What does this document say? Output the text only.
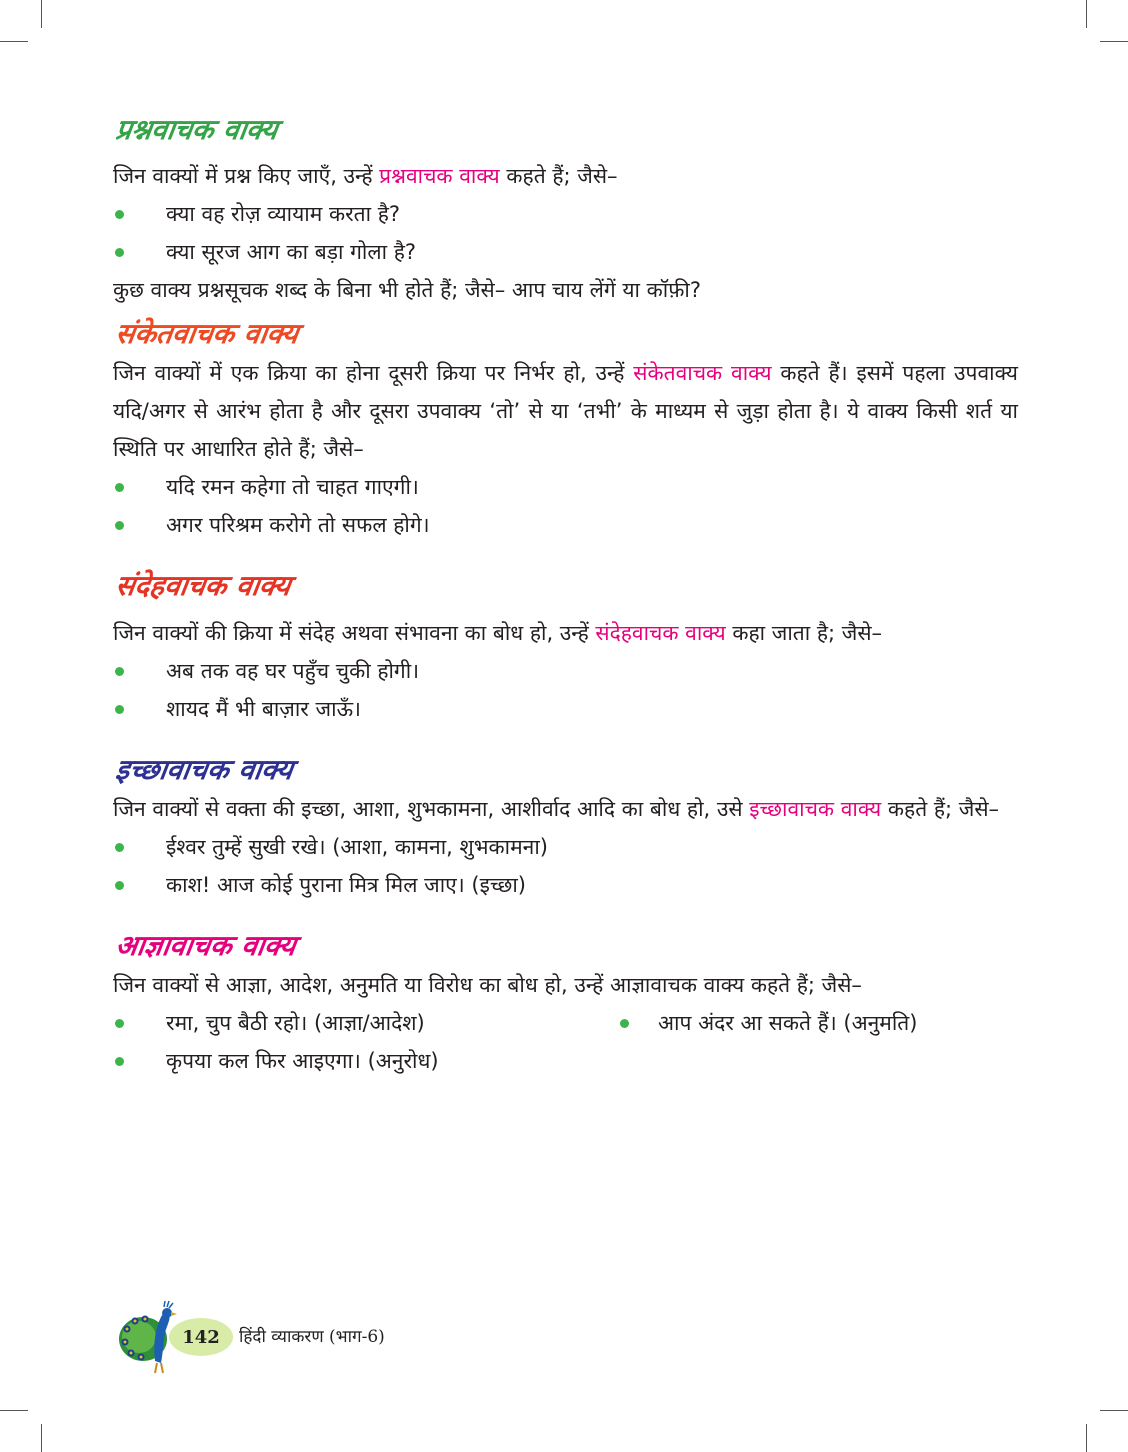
प्रश्नवाचक वाक्य

जिन वाक्यों में प्रश्न किए जाएँ, उन्हें प्रश्नवाचक वाक्य कहते हैं; जैसे–

क्या वह रोज़ व्यायाम करता है?
क्या सूरज आग का बड़ा गोला है?

कुछ वाक्य प्रश्नसूचक शब्द के बिना भी होते हैं; जैसे– आप चाय लेंगें या कॉफ़ी?

संकेतवाचक वाक्य

जिन वाक्यों में एक क्रिया का होना दूसरी क्रिया पर निर्भर हो, उन्हें संकेतवाचक वाक्य कहते हैं। इसमें पहला उपवाक्य यदि/अगर से आरंभ होता है और दूसरा उपवाक्य ‘तो’ से या ‘तभी’ के माध्यम से जुड़ा होता है। ये वाक्य किसी शर्त या स्थिति पर आधारित होते हैं; जैसे–

यदि रमन कहेगा तो चाहत गाएगी।
अगर परिश्रम करोगे तो सफल होगे।
संदेहवाचक वाक्य

जिन वाक्यों की क्रिया में संदेह अथवा संभावना का बोध हो, उन्हें संदेहवाचक वाक्य कहा जाता है; जैसे–

अब तक वह घर पहुँच चुकी होगी।
शायद मैं भी बाज़ार जाऊँ।
इच्छावाचक वाक्य

जिन वाक्यों से वक्ता की इच्छा, आशा, शुभकामना, आशीर्वाद आदि का बोध हो, उसे इच्छावाचक वाक्य कहते हैं; जैसे–

ईश्वर तुम्हें सुखी रखे। (आशा, कामना, शुभकामना)
काश! आज कोई पुराना मित्र मिल जाए। (इच्छा)
आज्ञावाचक वाक्य

जिन वाक्यों से आज्ञा, आदेश, अनुमति या विरोध का बोध हो, उन्हें आज्ञावाचक वाक्य कहते हैं; जैसे–

रमा, चुप बैठी रहो। (आज्ञा/आदेश)
कृपया कल फिर आइएगा। (अनुरोध)
आप अंदर आ सकते हैं। (अनुमति)
142	हिंदी व्याकरण (भाग-6)
